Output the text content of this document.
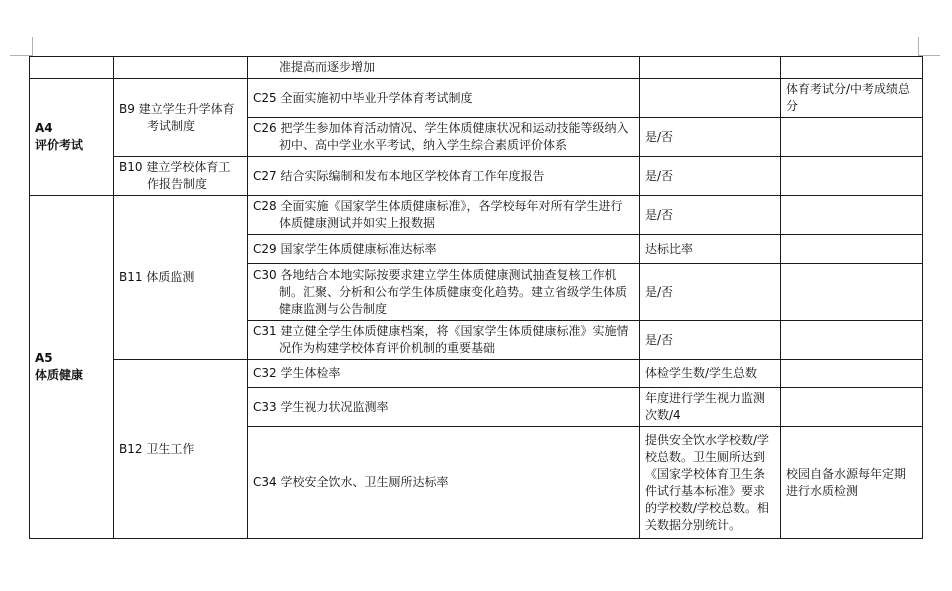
		准提高而逐步增加		

A4
评价考试	B9 建立学生升学体育考试制度	C25 全面实施初中毕业升学体育考试制度		体育考试分/中考成绩总分

		C26 把学生参加体育活动情况、学生体质健康状况和运动技能等级纳入初中、高中学业水平考试，纳入学生综合素质评价体系	是/否	

	B10 建立学校体育工作报告制度	C27 结合实际编制和发布本地区学校体育工作年度报告	是/否	

A5
体质健康	B11 体质监测	C28 全面实施《国家学生体质健康标准》，各学校每年对所有学生进行体质健康测试并如实上报数据	是/否	

		C29 国家学生体质健康标准达标率	达标比率	

		C30 各地结合本地实际按要求建立学生体质健康测试抽查复核工作机制。汇聚、分析和公布学生体质健康变化趋势。建立省级学生体质健康监测与公告制度	是/否	

		C31 建立健全学生体质健康档案，将《国家学生体质健康标准》实施情况作为构建学校体育评价机制的重要基础	是/否	
	B12 卫生工作	C32 学生体检率	体检学生数/学生总数	

		C33 学生视力状况监测率	年度进行学生视力监测次数/4	

		C34 学校安全饮水、卫生厕所达标率	提供安全饮水学校数/学校总数。卫生厕所达到《国家学校体育卫生条件试行基本标准》要求的学校数/学校总数。相关数据分别统计。	校园自备水源每年定期进行水质检测
